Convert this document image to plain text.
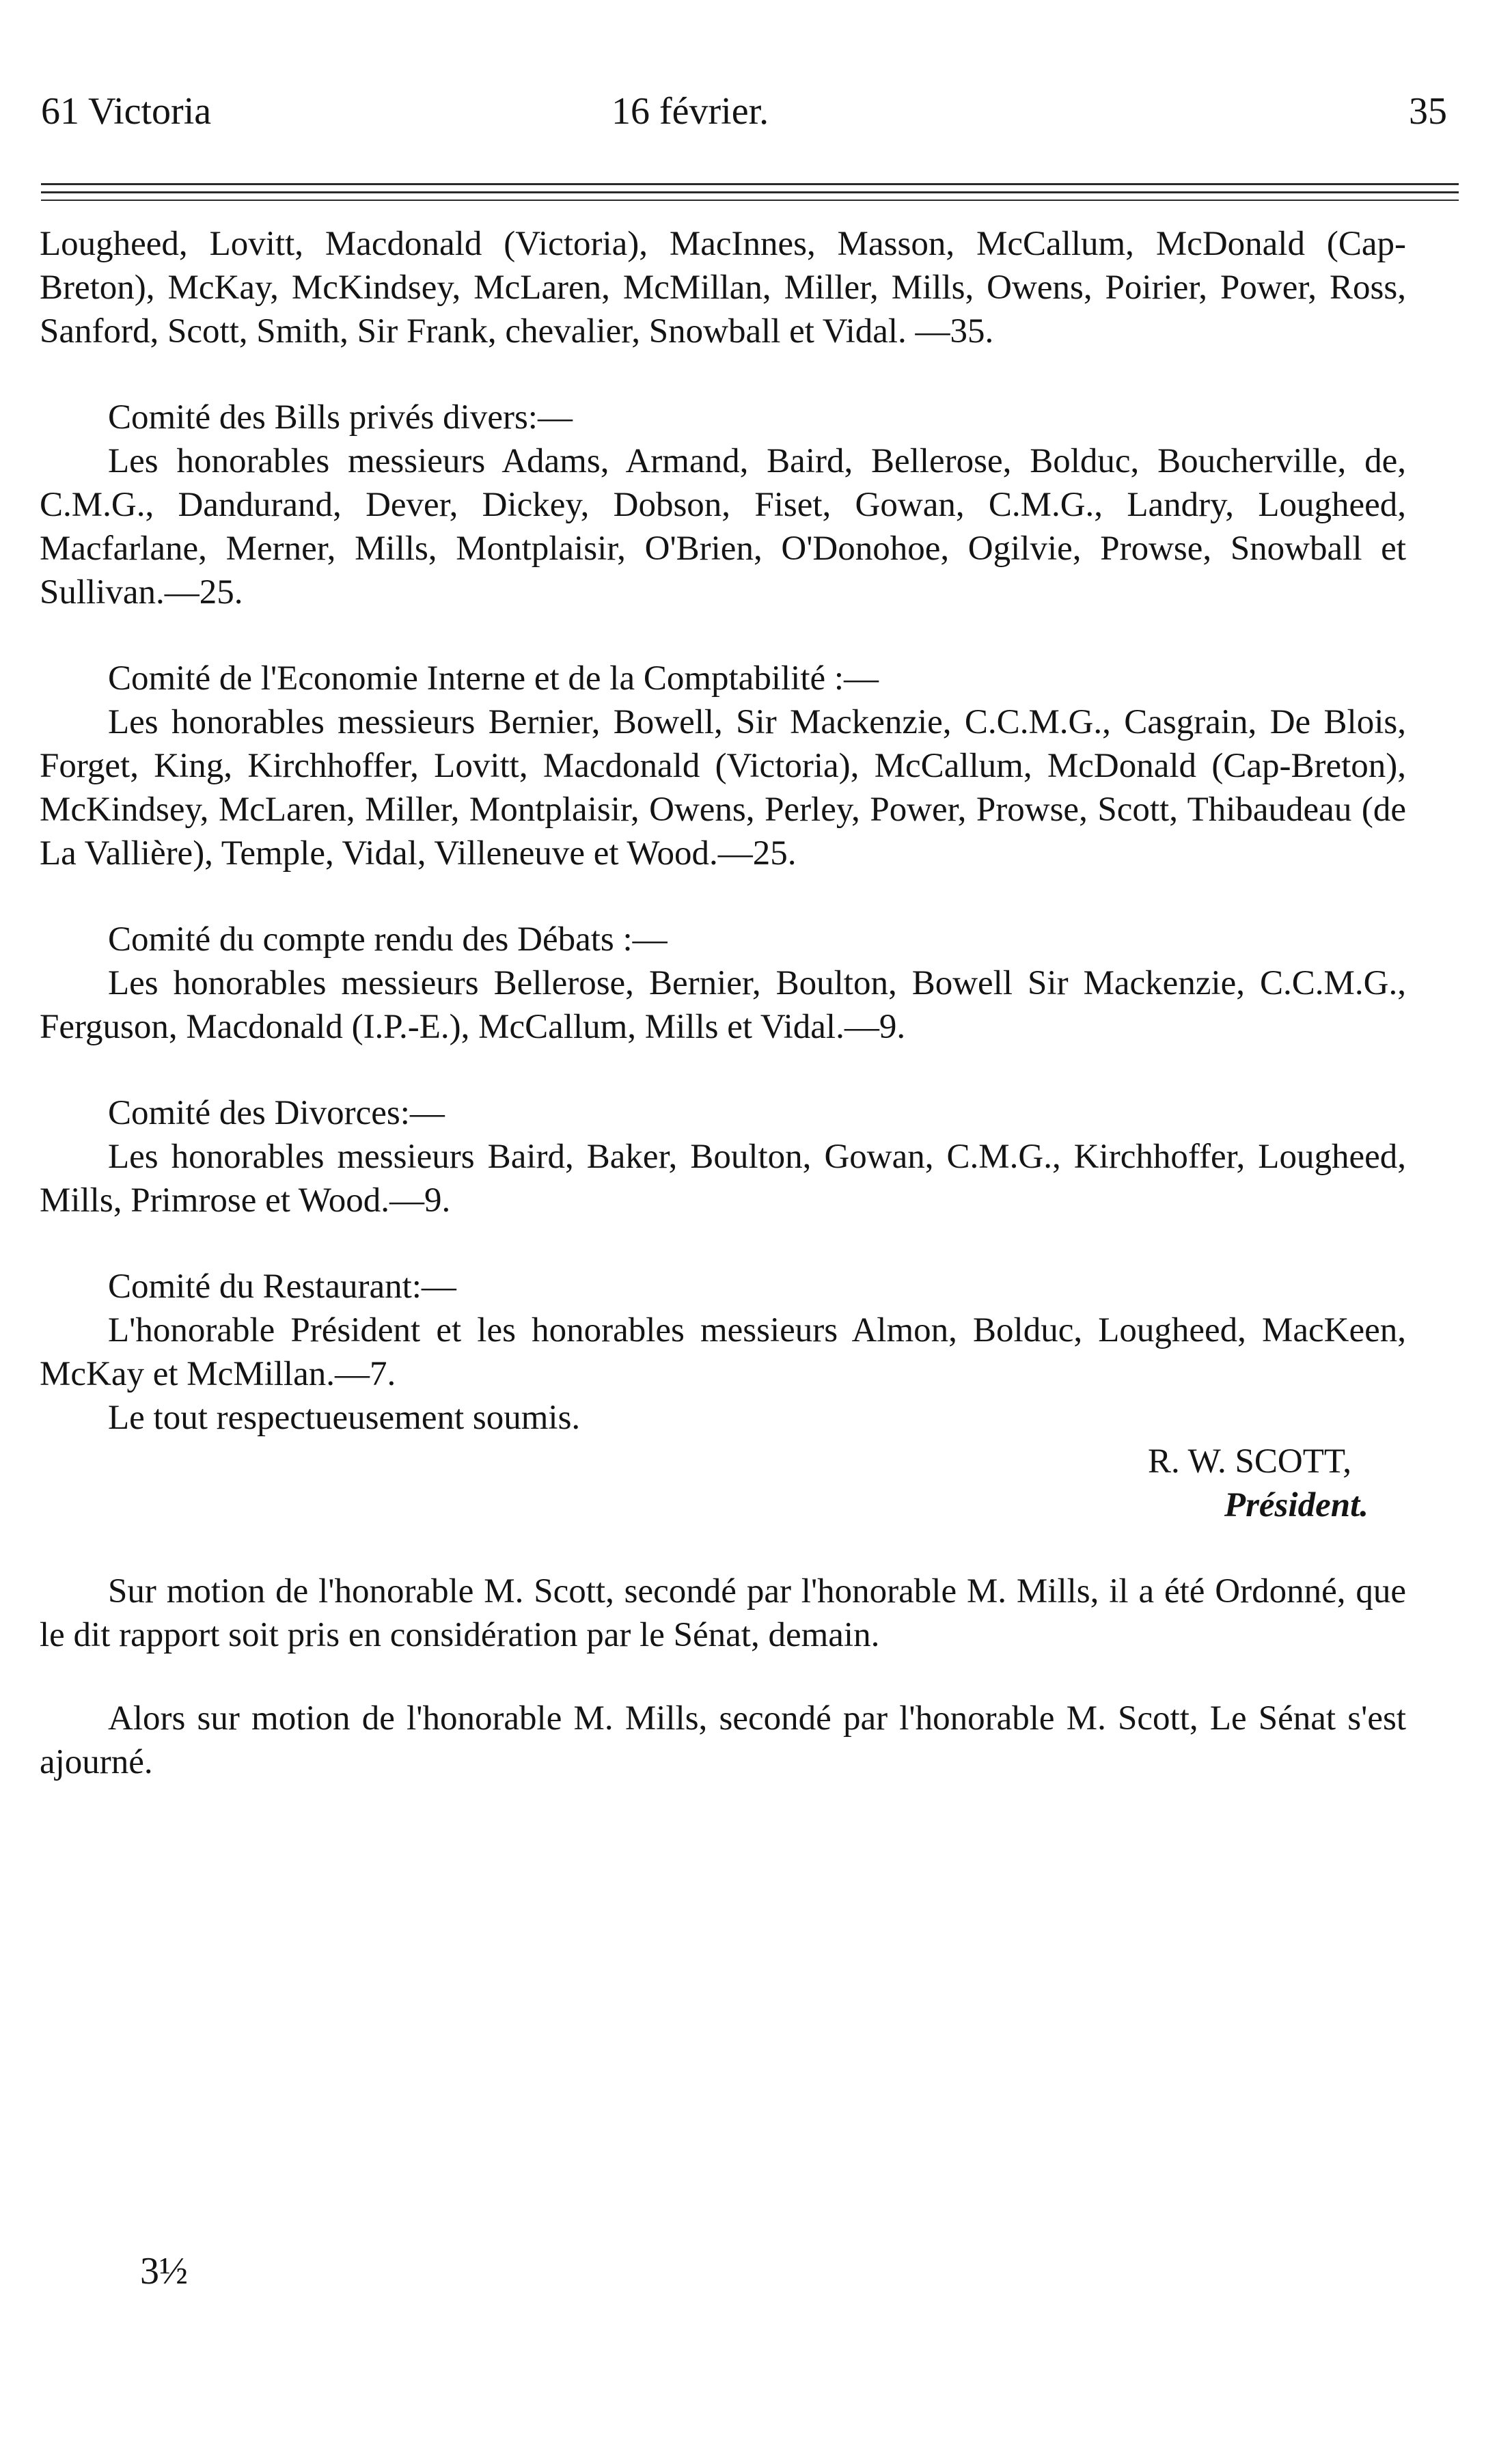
61 Victoria	16 février.	35

Lougheed, Lovitt, Macdonald (Victoria), MacInnes, Masson, McCallum, McDonald (Cap-Breton), McKay, McKindsey, McLaren, McMillan, Miller, Mills, Owens, Poirier, Power, Ross, Sanford, Scott, Smith, Sir Frank, chevalier, Snowball et Vidal. —35.

Comité des Bills privés divers:—

Les honorables messieurs Adams, Armand, Baird, Bellerose, Bolduc, Boucherville, de, C.M.G., Dandurand, Dever, Dickey, Dobson, Fiset, Gowan, C.M.G., Landry, Lougheed, Macfarlane, Merner, Mills, Montplaisir, O'Brien, O'Donohoe, Ogilvie, Prowse, Snowball et Sullivan.—25.

Comité de l'Economie Interne et de la Comptabilité :—

Les honorables messieurs Bernier, Bowell, Sir Mackenzie, C.C.M.G., Casgrain, De Blois, Forget, King, Kirchhoffer, Lovitt, Macdonald (Victoria), McCallum, McDonald (Cap-Breton), McKindsey, McLaren, Miller, Montplaisir, Owens, Perley, Power, Prowse, Scott, Thibaudeau (de La Vallière), Temple, Vidal, Villeneuve et Wood.—25.

Comité du compte rendu des Débats :—

Les honorables messieurs Bellerose, Bernier, Boulton, Bowell Sir Mackenzie, C.C.M.G., Ferguson, Macdonald (I.P.-E.), McCallum, Mills et Vidal.—9.

Comité des Divorces:—

Les honorables messieurs Baird, Baker, Boulton, Gowan, C.M.G., Kirchhoffer, Lougheed, Mills, Primrose et Wood.—9.

Comité du Restaurant:—

L'honorable Président et les honorables messieurs Almon, Bolduc, Lougheed, MacKeen, McKay et McMillan.—7.

Le tout respectueusement soumis.

R. W. SCOTT,

Président.

Sur motion de l'honorable M. Scott, secondé par l'honorable M. Mills, il a été Ordonné, que le dit rapport soit pris en considération par le Sénat, demain.

Alors sur motion de l'honorable M. Mills, secondé par l'honorable M. Scott, Le Sénat s'est ajourné.

3½
